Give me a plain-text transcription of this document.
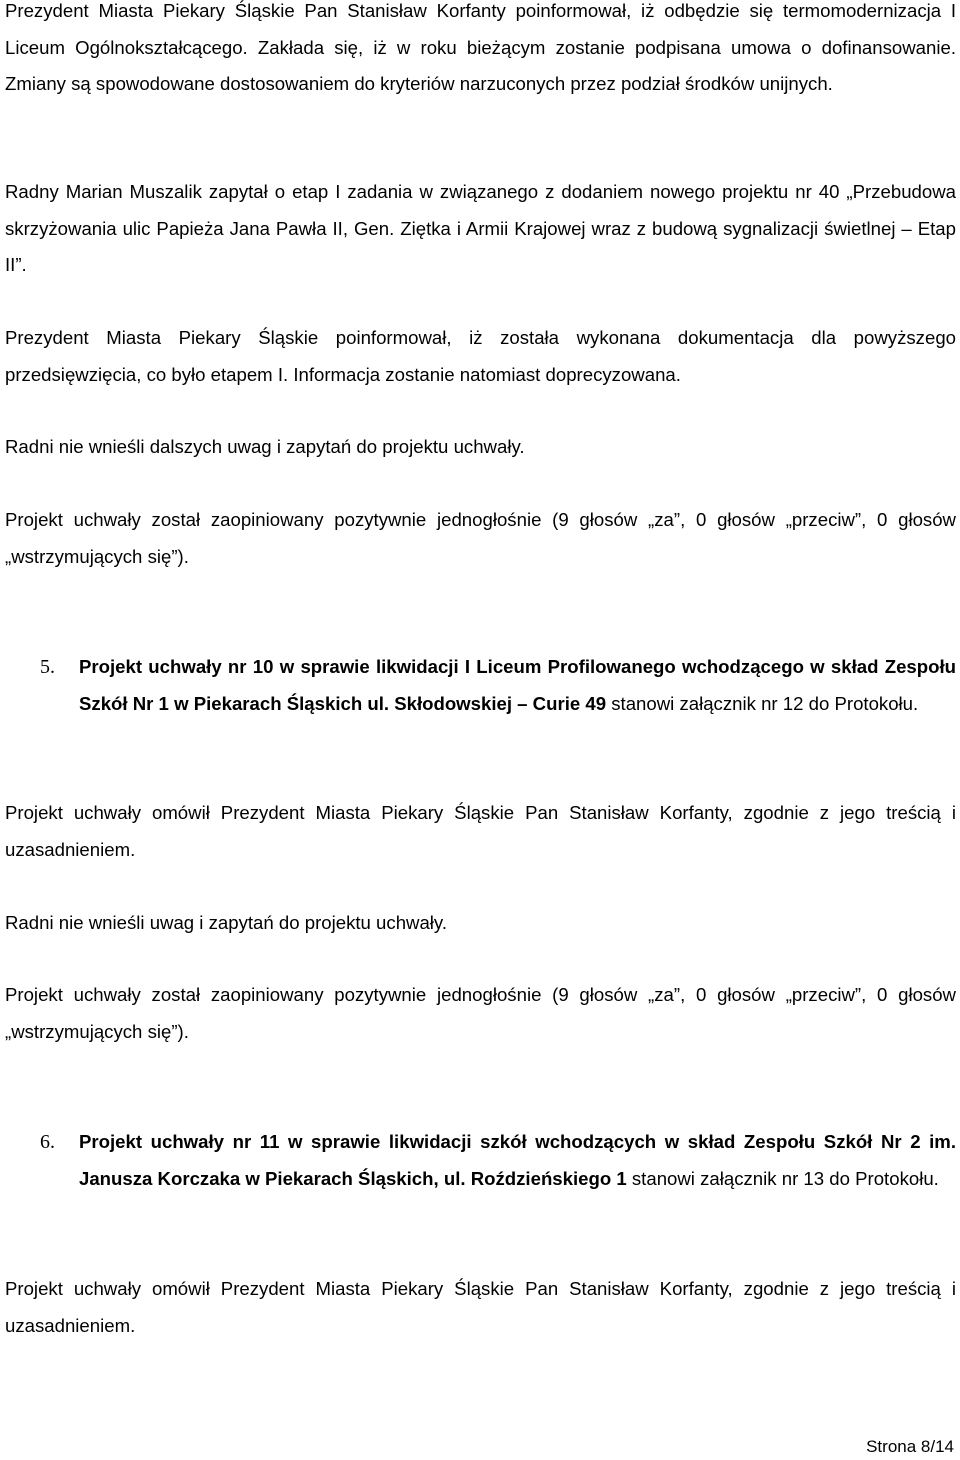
Prezydent Miasta Piekary Śląskie Pan Stanisław Korfanty poinformował, iż odbędzie się termomodernizacja I Liceum Ogólnokształcącego. Zakłada się, iż w roku bieżącym zostanie podpisana umowa o dofinansowanie. Zmiany są spowodowane dostosowaniem do kryteriów narzuconych przez podział środków unijnych.

Radny Marian Muszalik zapytał o etap I zadania w związanego z dodaniem nowego projektu nr 40 „Przebudowa skrzyżowania ulic Papieża Jana Pawła II, Gen. Ziętka i Armii Krajowej wraz z budową sygnalizacji świetlnej – Etap II”.

Prezydent Miasta Piekary Śląskie poinformował, iż została wykonana dokumentacja dla powyższego przedsięwzięcia, co było etapem I. Informacja zostanie natomiast doprecyzowana.

Radni nie wnieśli dalszych uwag i zapytań do projektu uchwały.

Projekt uchwały został zaopiniowany pozytywnie jednogłośnie (9 głosów „za”, 0 głosów „przeciw”, 0 głosów „wstrzymujących się”).

5. Projekt uchwały nr 10 w sprawie likwidacji I Liceum Profilowanego wchodzącego w skład Zespołu Szkół Nr 1 w Piekarach Śląskich ul. Skłodowskiej – Curie 49 stanowi załącznik nr 12 do Protokołu.

Projekt uchwały omówił Prezydent Miasta Piekary Śląskie Pan Stanisław Korfanty, zgodnie z jego treścią i uzasadnieniem.

Radni nie wnieśli uwag i zapytań do projektu uchwały.

Projekt uchwały został zaopiniowany pozytywnie jednogłośnie (9 głosów „za”, 0 głosów „przeciw”, 0 głosów „wstrzymujących się”).

6. Projekt uchwały nr 11 w sprawie likwidacji szkół wchodzących w skład Zespołu Szkół Nr 2 im. Janusza Korczaka w Piekarach Śląskich, ul. Roździeńskiego 1 stanowi załącznik nr 13 do Protokołu.

Projekt uchwały omówił Prezydent Miasta Piekary Śląskie Pan Stanisław Korfanty, zgodnie z jego treścią i uzasadnieniem.

Strona 8/14
